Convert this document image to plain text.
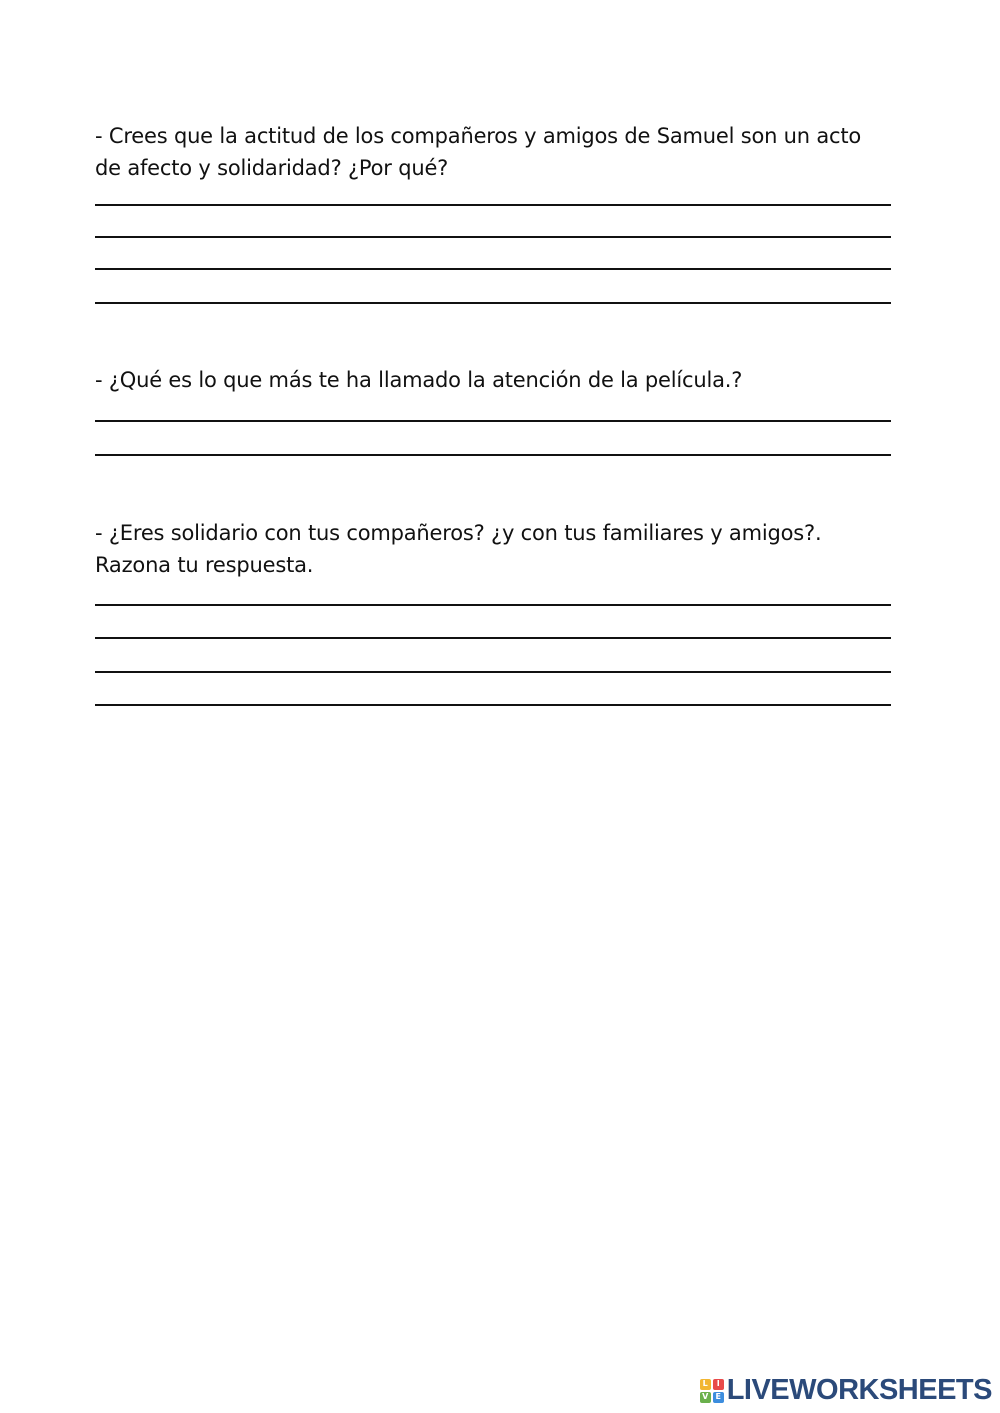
- Crees que la actitud de los compañeros y amigos de Samuel son un acto
de afecto y solidaridad? ¿Por qué?

- ¿Qué es lo que más te ha llamado la atención de la película.?

- ¿Eres solidario con tus compañeros? ¿y con tus familiares y amigos?.
Razona tu respuesta.

L	I
V E LIVEWORKSHEETS
